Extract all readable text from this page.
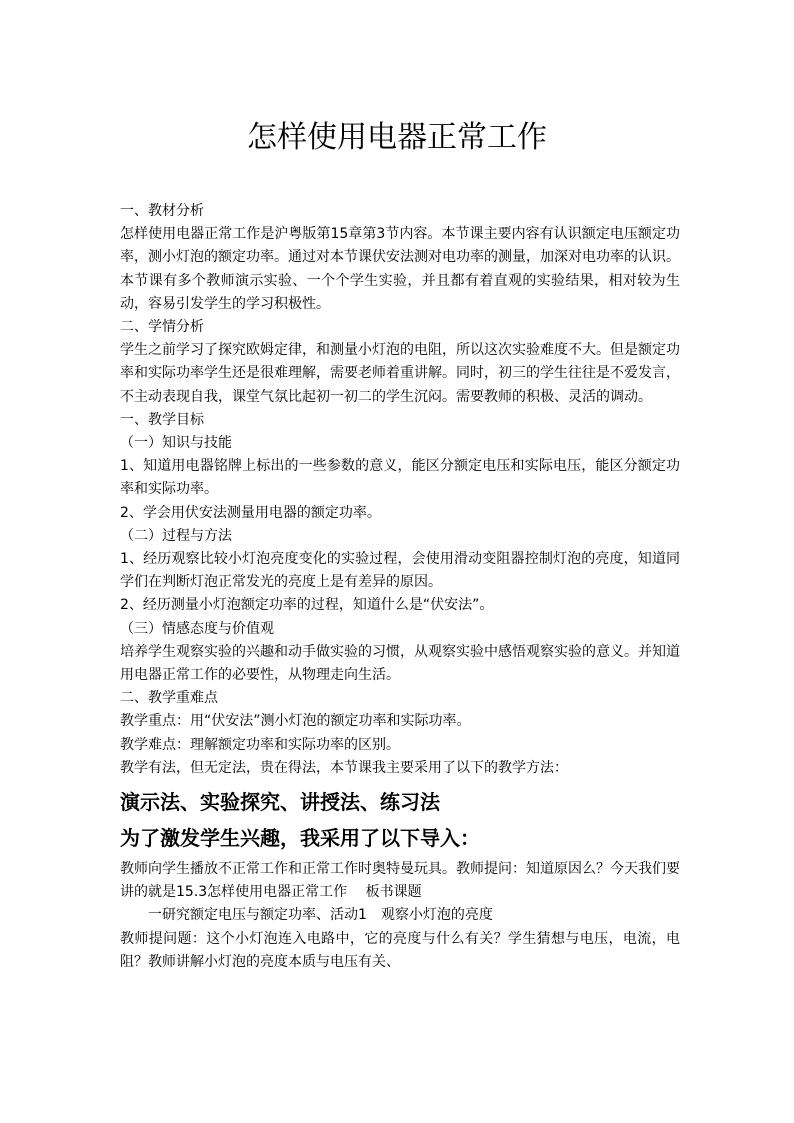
怎样使用电器正常工作

一、教材分析

怎样使用电器正常工作是沪粤版第15章第3节内容。本节课主要内容有认识额定电压额定功率，测小灯泡的额定功率。通过对本节课伏安法测对电功率的测量，加深对电功率的认识。本节课有多个教师演示实验、一个个学生实验，并且都有着直观的实验结果，相对较为生动，容易引发学生的学习积极性。

二、学情分析

学生之前学习了探究欧姆定律，和测量小灯泡的电阻，所以这次实验难度不大。但是额定功率和实际功率学生还是很难理解，需要老师着重讲解。同时，初三的学生往往是不爱发言，不主动表现自我，课堂气氛比起初一初二的学生沉闷。需要教师的积极、灵活的调动。

一、教学目标

（一）知识与技能

1、知道用电器铭牌上标出的一些参数的意义，能区分额定电压和实际电压，能区分额定功率和实际功率。

2、学会用伏安法测量用电器的额定功率。

（二）过程与方法

1、经历观察比较小灯泡亮度变化的实验过程，会使用滑动变阻器控制灯泡的亮度，知道同学们在判断灯泡正常发光的亮度上是有差异的原因。

2、经历测量小灯泡额定功率的过程，知道什么是“伏安法”。

（三）情感态度与价值观

培养学生观察实验的兴趣和动手做实验的习惯，从观察实验中感悟观察实验的意义。并知道用电器正常工作的必要性，从物理走向生活。

二、教学重难点

教学重点：用“伏安法”测小灯泡的额定功率和实际功率。

教学难点：理解额定功率和实际功率的区别。

教学有法，但无定法，贵在得法，本节课我主要采用了以下的教学方法：

演示法、实验探究、讲授法、练习法

为了激发学生兴趣，我采用了以下导入：

教师向学生播放不正常工作和正常工作时奥特曼玩具。教师提问：知道原因么？今天我们要讲的就是15.3怎样使用电器正常工作　 板书课题

一研究额定电压与额定功率、活动1　观察小灯泡的亮度

教师提问题：这个小灯泡连入电路中，它的亮度与什么有关？学生猜想与电压，电流，电阻？教师讲解小灯泡的亮度本质与电压有关、
